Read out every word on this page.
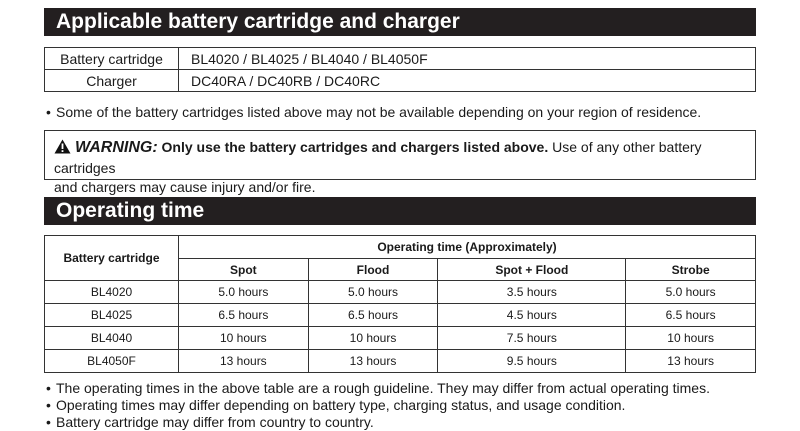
Applicable battery cartridge and charger
Battery cartridge	BL4020 / BL4025 / BL4040 / BL4050F
Charger	DC40RA / DC40RB / DC40RC
• Some of the battery cartridges listed above may not be available depending on your region of residence.
WARNING: Only use the battery cartridges and chargers listed above. Use of any other battery cartridges
and chargers may cause injury and/or fire.
Operating time
Battery cartridge	Operating time (Approximately)			
	Spot	Flood	Spot + Flood	Strobe
BL4020	5.0 hours	5.0 hours	3.5 hours	5.0 hours
BL4025	6.5 hours	6.5 hours	4.5 hours	6.5 hours
BL4040	10 hours	10 hours	7.5 hours	10 hours
BL4050F	13 hours	13 hours	9.5 hours	13 hours
• The operating times in the above table are a rough guideline. They may differ from actual operating times.
• Operating times may differ depending on battery type, charging status, and usage condition.
• Battery cartridge may differ from country to country.
